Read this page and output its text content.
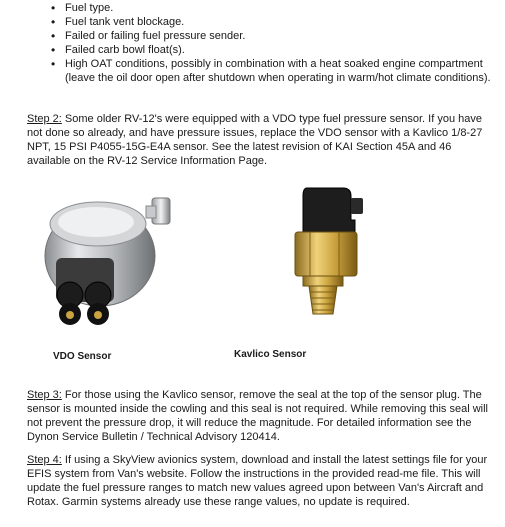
• Fuel type.
• Fuel tank vent blockage.
• Failed or failing fuel pressure sender.
• Failed carb bowl float(s).
• High OAT conditions, possibly in combination with a heat soaked engine compartment (leave the oil door open after shutdown when operating in warm/hot climate conditions).

Step 2: Some older RV-12's were equipped with a VDO type fuel pressure sensor. If you have not done so already, and have pressure issues, replace the VDO sensor with a Kavlico 1/8-27 NPT, 15 PSI P4055-15G-E4A sensor. See the latest revision of KAI Section 45A and 46 available on the RV-12 Service Information Page.

VDO Sensor	Kavlico Sensor

Step 3: For those using the Kavlico sensor, remove the seal at the top of the sensor plug. The sensor is mounted inside the cowling and this seal is not required. While removing this seal will not prevent the pressure drop, it will reduce the magnitude. For detailed information see the Dynon Service Bulletin / Technical Advisory 120414.

Step 4: If using a SkyView avionics system, download and install the latest settings file for your EFIS system from Van's website. Follow the instructions in the provided read-me file. This will update the fuel pressure ranges to match new values agreed upon between Van's Aircraft and Rotax. Garmin systems already use these range values, no update is required.
